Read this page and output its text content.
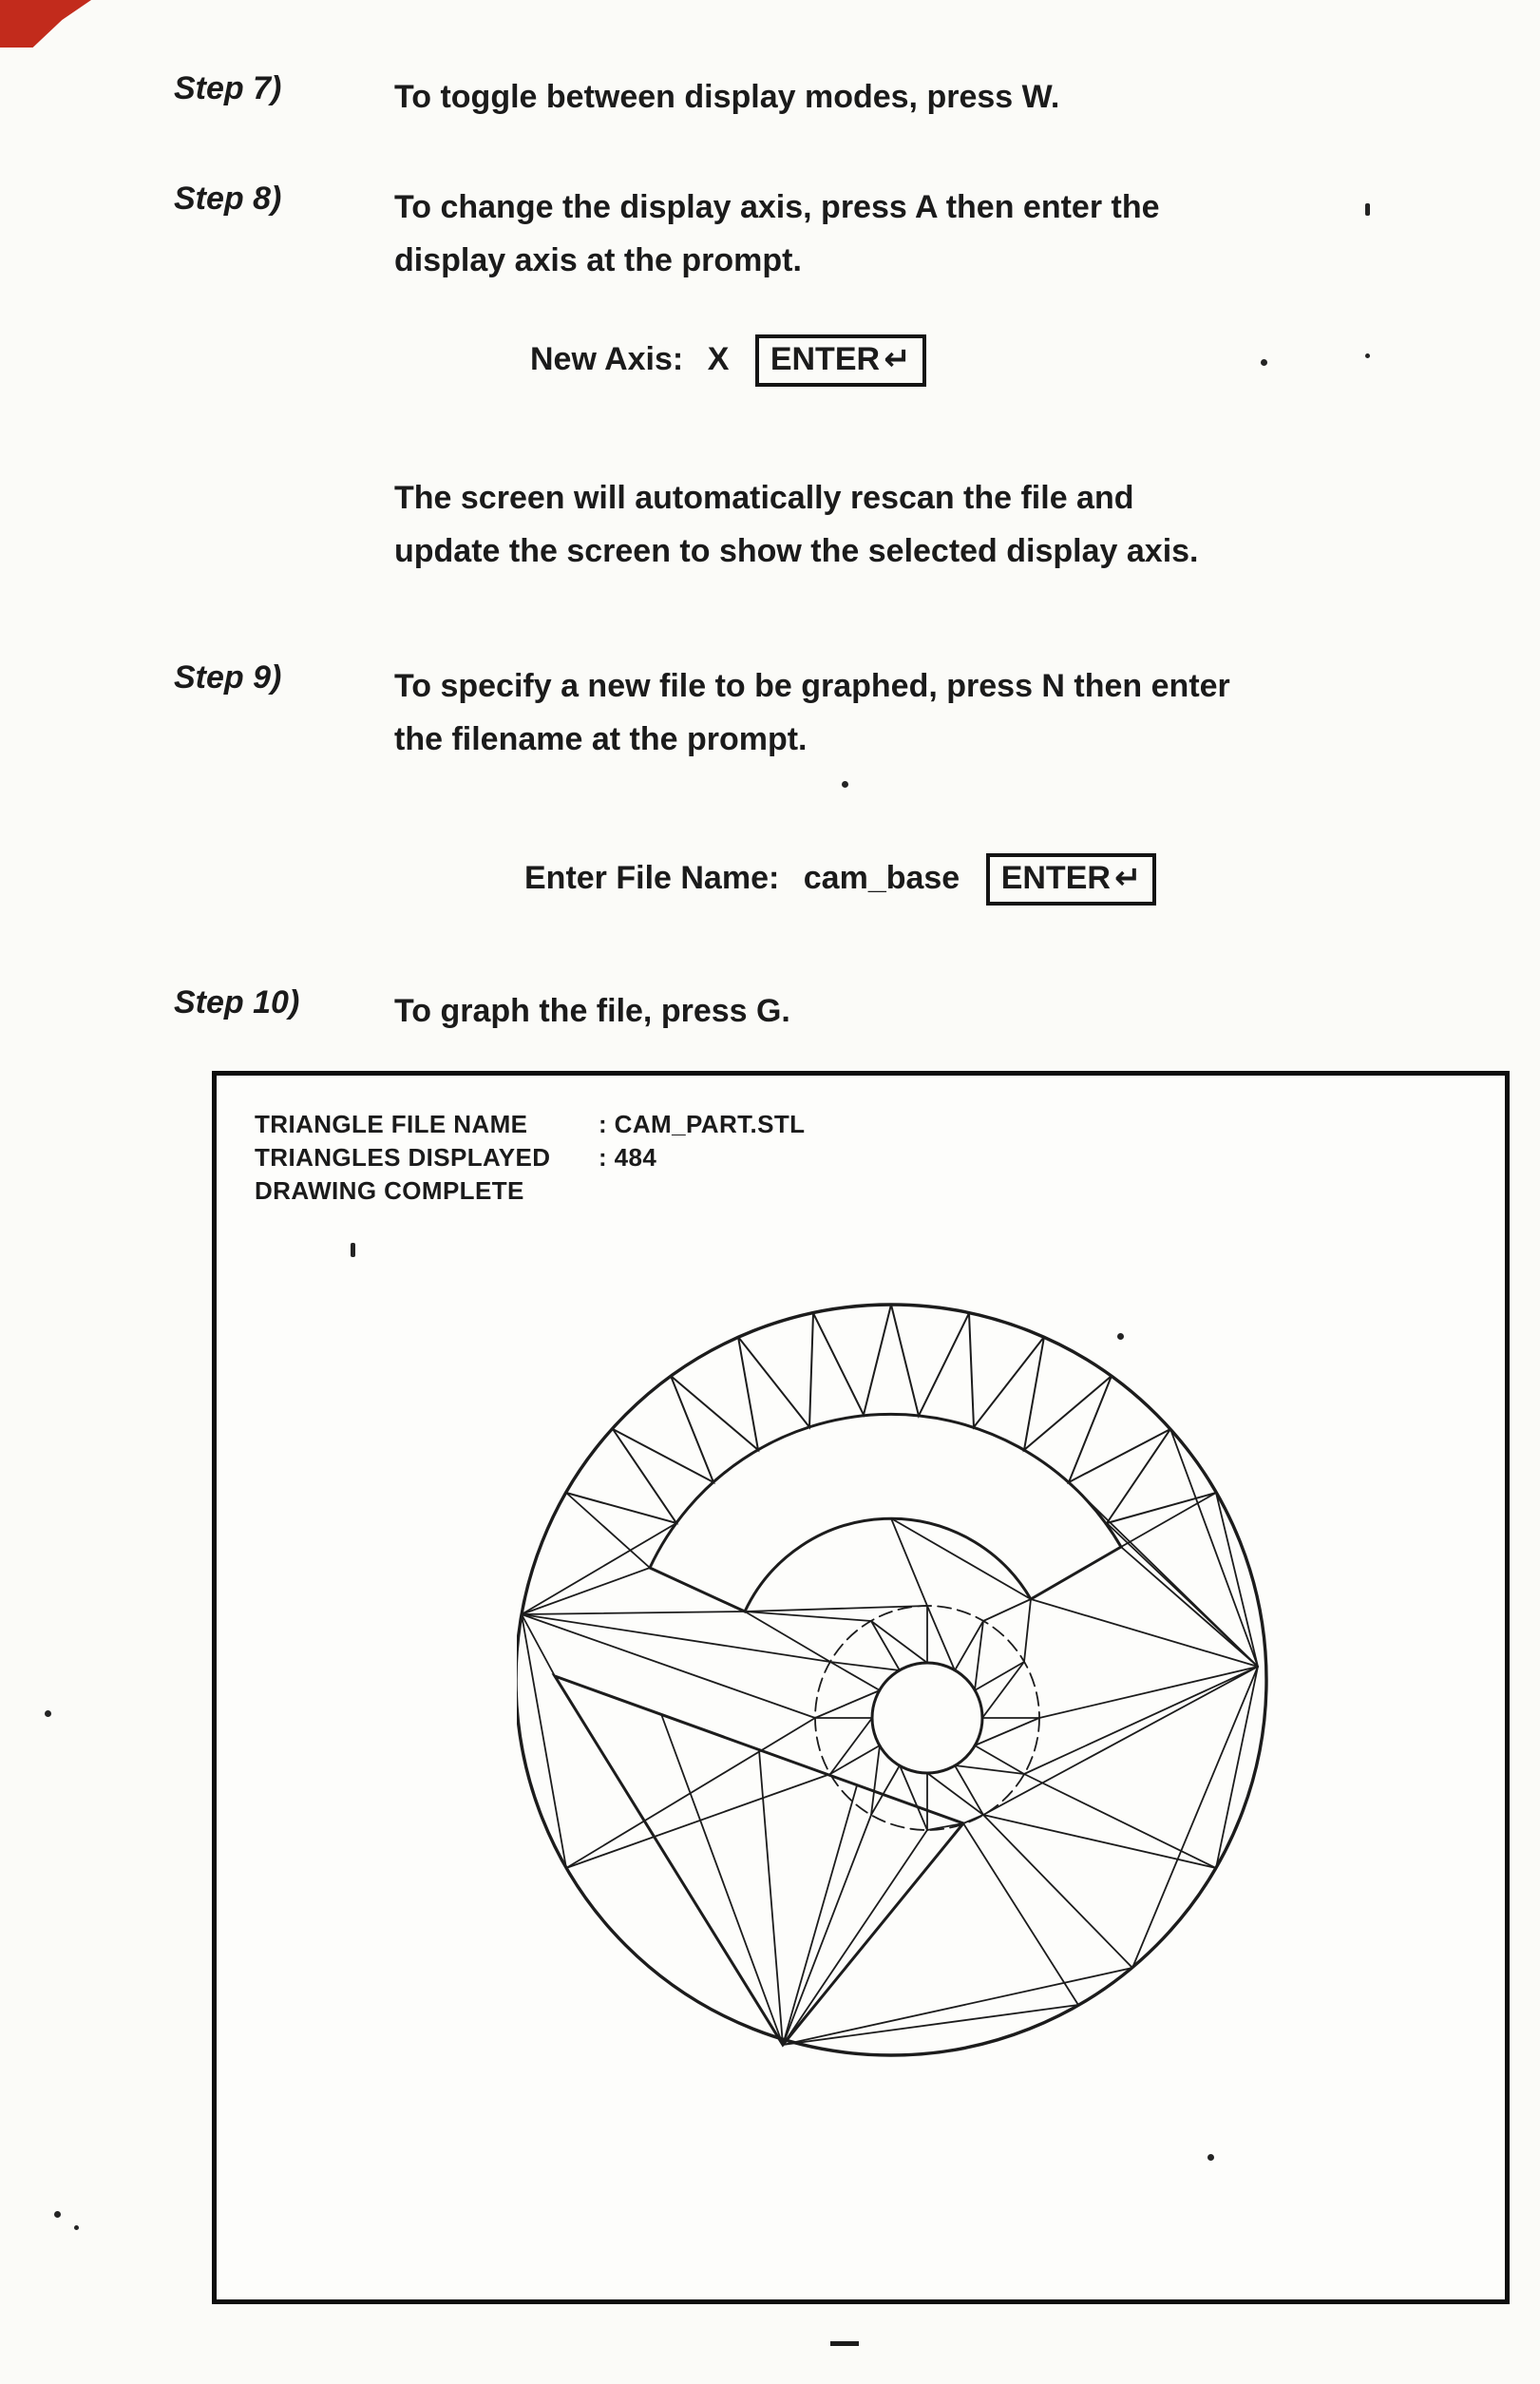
Step 7)	To toggle between display modes, press W.
Step 8)	To change the display axis, press A then enter the
display axis at the prompt.
New Axis: X ENTER ↵
The screen will automatically rescan the file and
update the screen to show the selected display axis.
Step 9)	To specify a new file to be graphed, press N then enter
the filename at the prompt.
Enter File Name: cam_base ENTER ↵
Step 10)	To graph the file, press G.
TRIANGLE FILE NAME	: CAM_PART.STL
TRIANGLES DISPLAYED : 484
DRAWING COMPLETE
